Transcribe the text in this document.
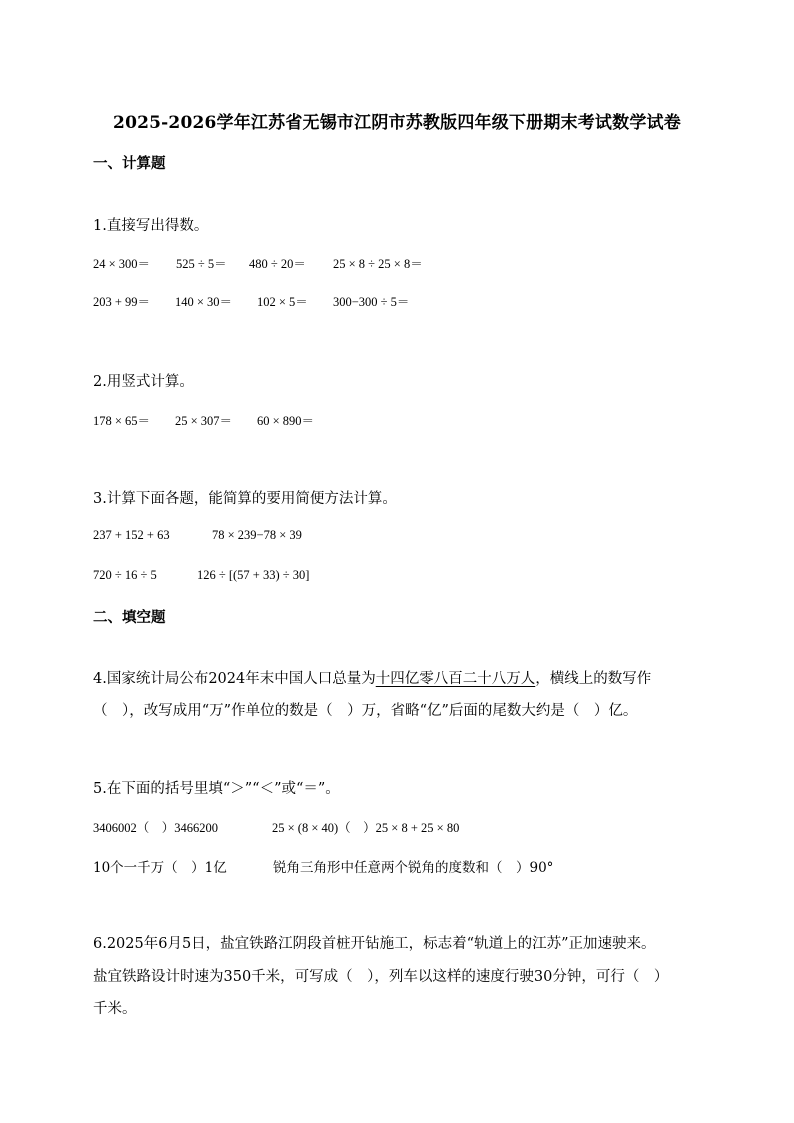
2025-2026学年江苏省无锡市江阴市苏教版四年级下册期末考试数学试卷
一、计算题
1.直接写出得数。
24 × 300＝ 525 ÷ 5＝ 480 ÷ 20＝ 25 × 8 ÷ 25 × 8＝
203 + 99＝ 140 × 30＝ 102 × 5＝ 300−300 ÷ 5＝
2.用竖式计算。
178 × 65＝ 25 × 307＝ 60 × 890＝
3.计算下面各题，能简算的要用简便方法计算。
237 + 152 + 63	78 × 239−78 × 39
720 ÷ 16 ÷ 5	126 ÷ [(57 + 33) ÷ 30]
二、填空题
4.国家统计局公布2024年末中国人口总量为十四亿零八百二十八万人，横线上的数写作
（　），改写成用“万”作单位的数是（　）万，省略“亿”后面的尾数大约是（　）亿。
5.在下面的括号里填“＞”“＜”或“＝”。
3406002（　）3466200	25 × (8 × 40)（　）25 × 8 + 25 × 80
10个一千万（　）1亿	锐角三角形中任意两个锐角的度数和（　）90°
6.2025年6月5日，盐宜铁路江阴段首桩开钻施工，标志着“轨道上的江苏”正加速驶来。
盐宜铁路设计时速为350千米，可写成（　），列车以这样的速度行驶30分钟，可行（　）
千米。
